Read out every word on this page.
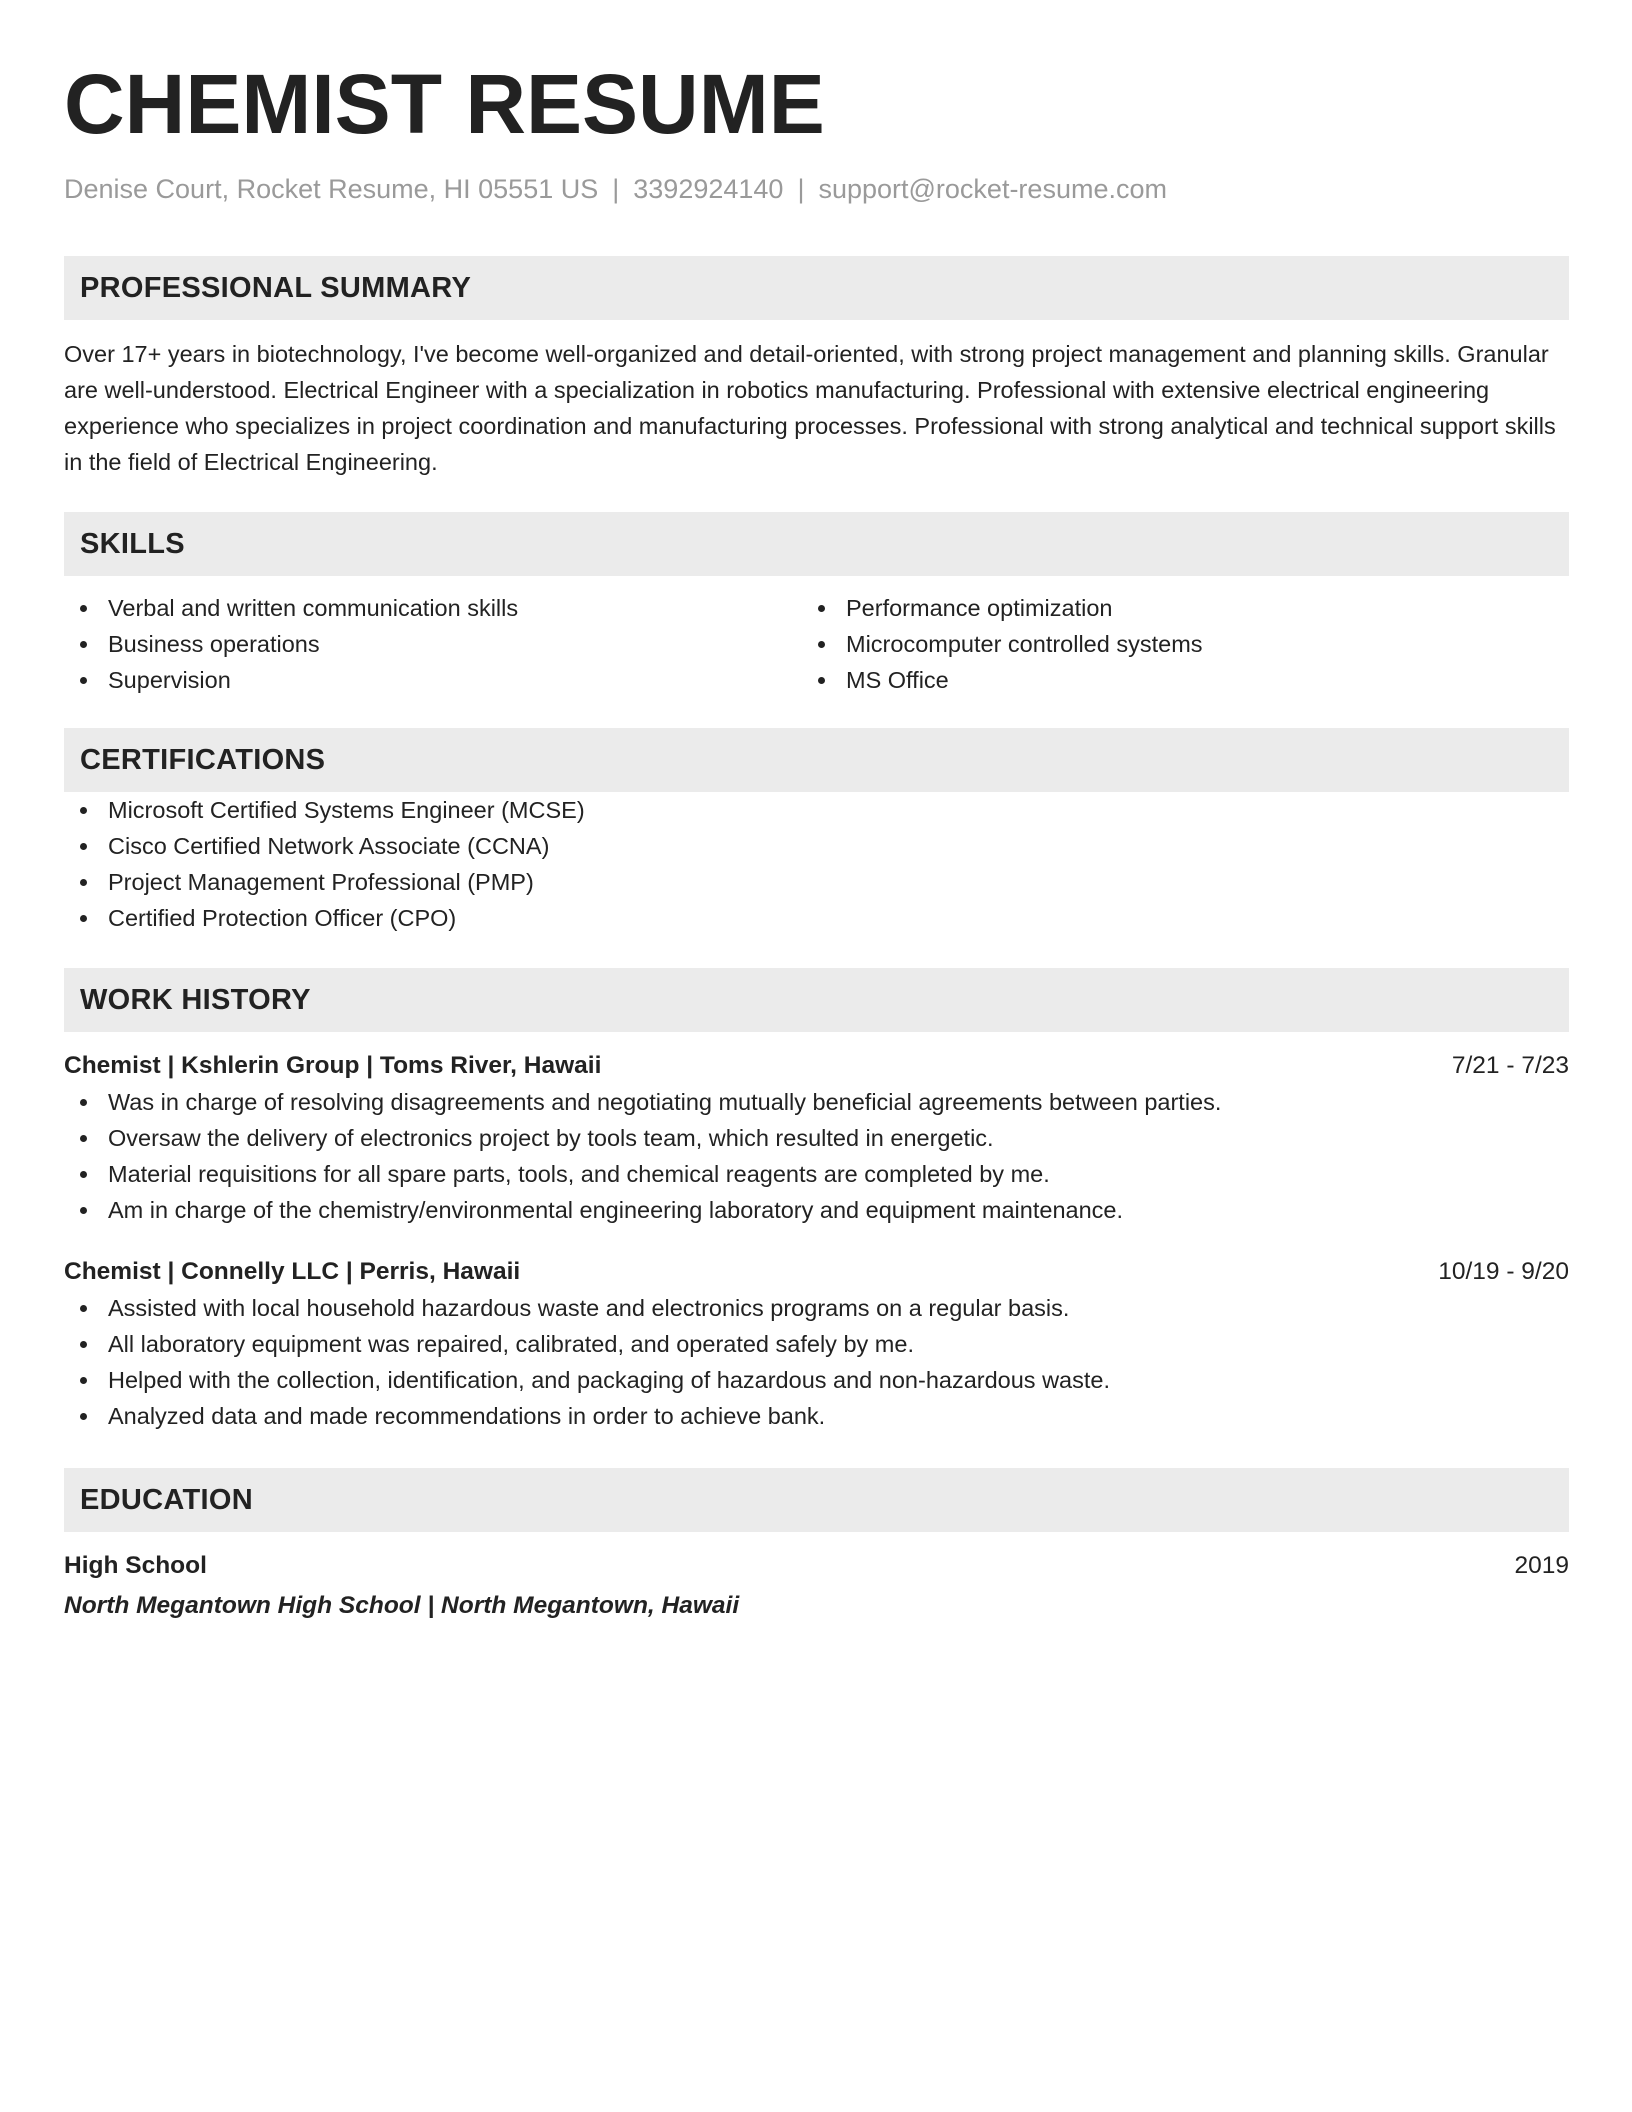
CHEMIST RESUME
Denise Court, Rocket Resume, HI 05551 US | 3392924140 | support@rocket-resume.com
PROFESSIONAL SUMMARY

Over 17+ years in biotechnology, I've become well-organized and detail-oriented, with strong project management and planning skills. Granular are well-understood. Electrical Engineer with a specialization in robotics manufacturing. Professional with extensive electrical engineering experience who specializes in project coordination and manufacturing processes. Professional with strong analytical and technical support skills in the field of Electrical Engineering.

SKILLS
Verbal and written communication skills
Business operations
Supervision
Performance optimization
Microcomputer controlled systems
MS Office
CERTIFICATIONS
Microsoft Certified Systems Engineer (MCSE)
Cisco Certified Network Associate (CCNA)
Project Management Professional (PMP)
Certified Protection Officer (CPO)
WORK HISTORY
Chemist | Kshlerin Group | Toms River, Hawaii	7/21 - 7/23
Was in charge of resolving disagreements and negotiating mutually beneficial agreements between parties.
Oversaw the delivery of electronics project by tools team, which resulted in energetic.
Material requisitions for all spare parts, tools, and chemical reagents are completed by me.
Am in charge of the chemistry/environmental engineering laboratory and equipment maintenance.
Chemist | Connelly LLC | Perris, Hawaii	10/19 - 9/20
Assisted with local household hazardous waste and electronics programs on a regular basis.
All laboratory equipment was repaired, calibrated, and operated safely by me.
Helped with the collection, identification, and packaging of hazardous and non-hazardous waste.
Analyzed data and made recommendations in order to achieve bank.
EDUCATION
High School	2019
North Megantown High School | North Megantown, Hawaii
